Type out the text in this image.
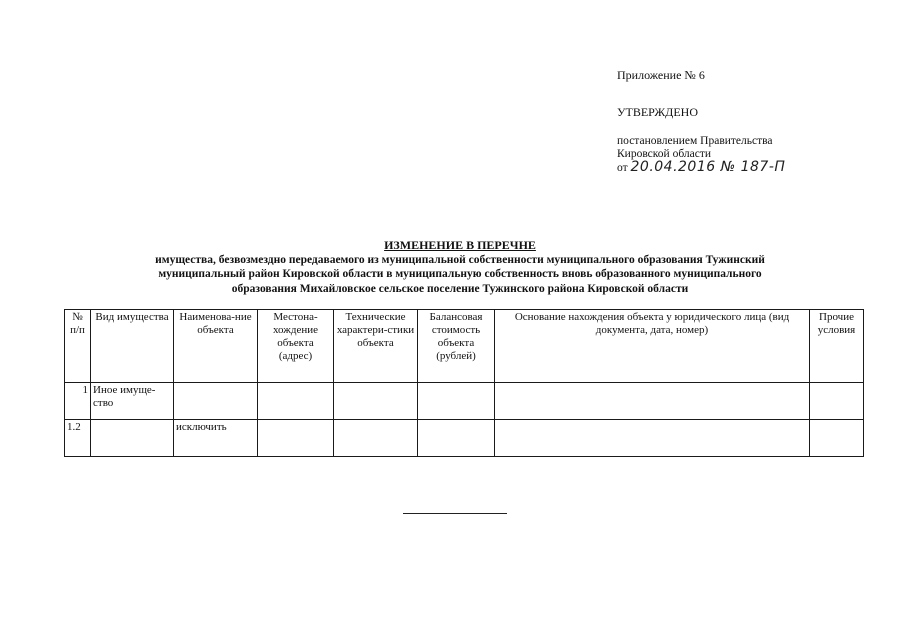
Приложение № 6
УТВЕРЖДЕНО
постановлением Правительства
Кировской области
от 20.04.2016 № 187-П
ИЗМЕНЕНИЕ В ПЕРЕЧНЕ
имущества, безвозмездно передаваемого из муниципальной собственности муниципального образования Тужинский
муниципальный район Кировской области в муниципальную собственность вновь образованного муниципального
образования Михайловское сельское поселение Тужинского района Кировской области
№ п/п	Вид имущества	Наименова-ние объекта	Местона-хождение объекта (адрес)	Технические характери-стики объекта	Балансовая стоимость объекта (рублей)	Основание нахождения объекта у юридического лица (вид документа, дата, номер)	Прочие условия
1	Иное имуще-ство						
1.2		исключить					
